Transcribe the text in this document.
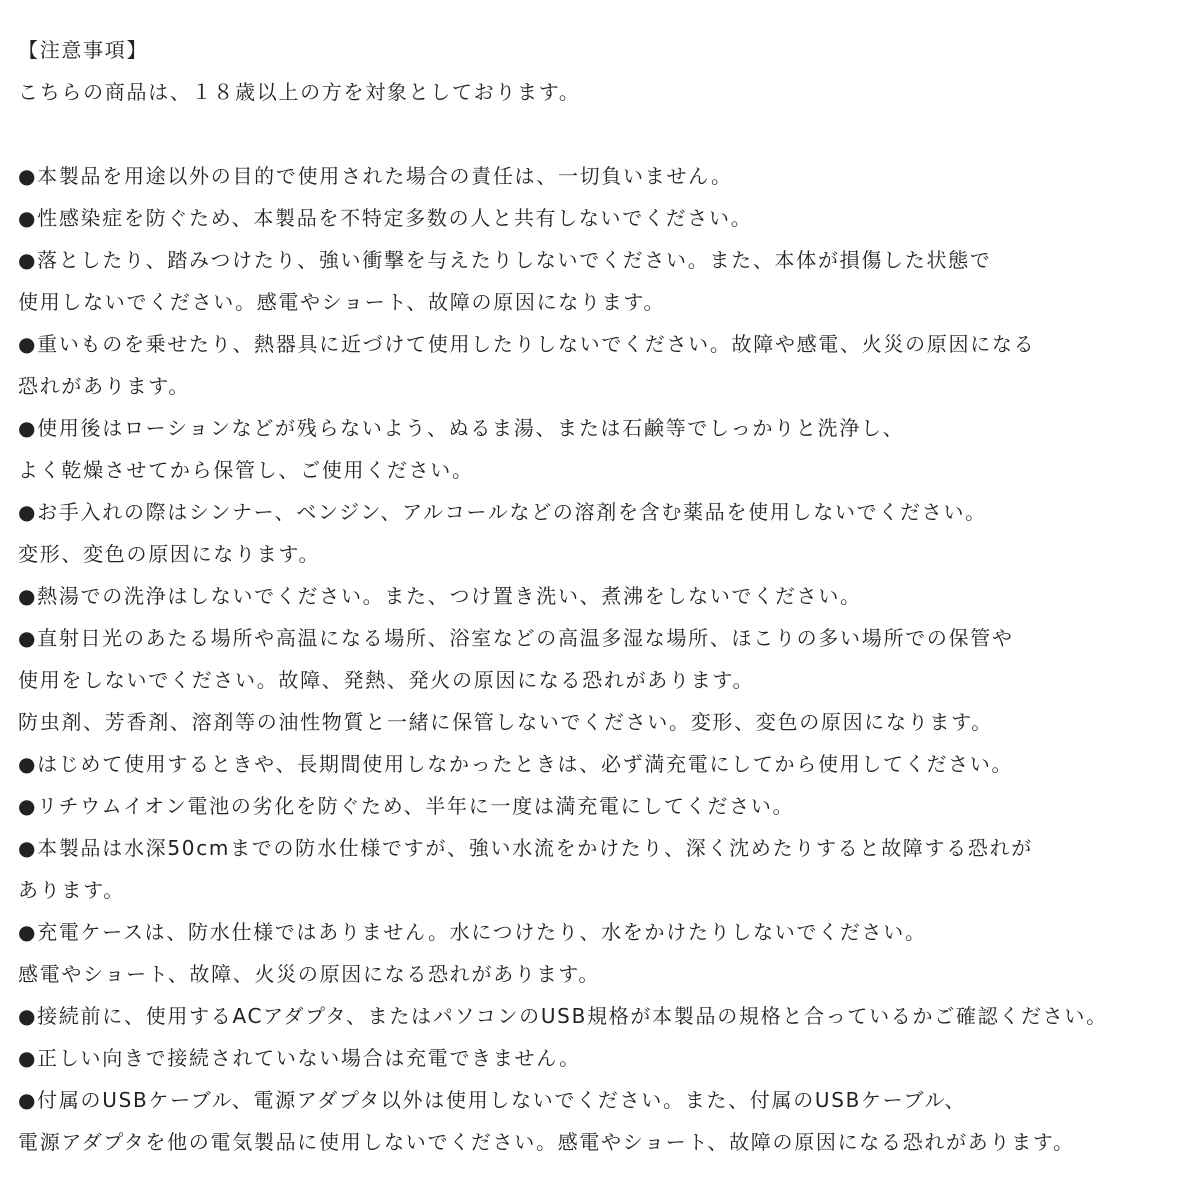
【注意事項】
こちらの商品は、１８歳以上の方を対象としております。
●本製品を用途以外の目的で使用された場合の責任は、一切負いません。
●性感染症を防ぐため、本製品を不特定多数の人と共有しないでください。
●落としたり、踏みつけたり、強い衝撃を与えたりしないでください。また、本体が損傷した状態で
使用しないでください。感電やショート、故障の原因になります。
●重いものを乗せたり、熱器具に近づけて使用したりしないでください。故障や感電、火災の原因になる
恐れがあります。
●使用後はローションなどが残らないよう、ぬるま湯、または石鹸等でしっかりと洗浄し、
よく乾燥させてから保管し、ご使用ください。
●お手入れの際はシンナー、ベンジン、アルコールなどの溶剤を含む薬品を使用しないでください。
変形、変色の原因になります。
●熱湯での洗浄はしないでください。また、つけ置き洗い、煮沸をしないでください。
●直射日光のあたる場所や高温になる場所、浴室などの高温多湿な場所、ほこりの多い場所での保管や
使用をしないでください。故障、発熱、発火の原因になる恐れがあります。
防虫剤、芳香剤、溶剤等の油性物質と一緒に保管しないでください。変形、変色の原因になります。
●はじめて使用するときや、長期間使用しなかったときは、必ず満充電にしてから使用してください。
●リチウムイオン電池の劣化を防ぐため、半年に一度は満充電にしてください。
●本製品は水深50cmまでの防水仕様ですが、強い水流をかけたり、深く沈めたりすると故障する恐れが
あります。
●充電ケースは、防水仕様ではありません。水につけたり、水をかけたりしないでください。
感電やショート、故障、火災の原因になる恐れがあります。
●接続前に、使用するACアダプタ、またはパソコンのUSB規格が本製品の規格と合っているかご確認ください。
●正しい向きで接続されていない場合は充電できません。
●付属のUSBケーブル、電源アダプタ以外は使用しないでください。また、付属のUSBケーブル、
電源アダプタを他の電気製品に使用しないでください。感電やショート、故障の原因になる恐れがあります。
